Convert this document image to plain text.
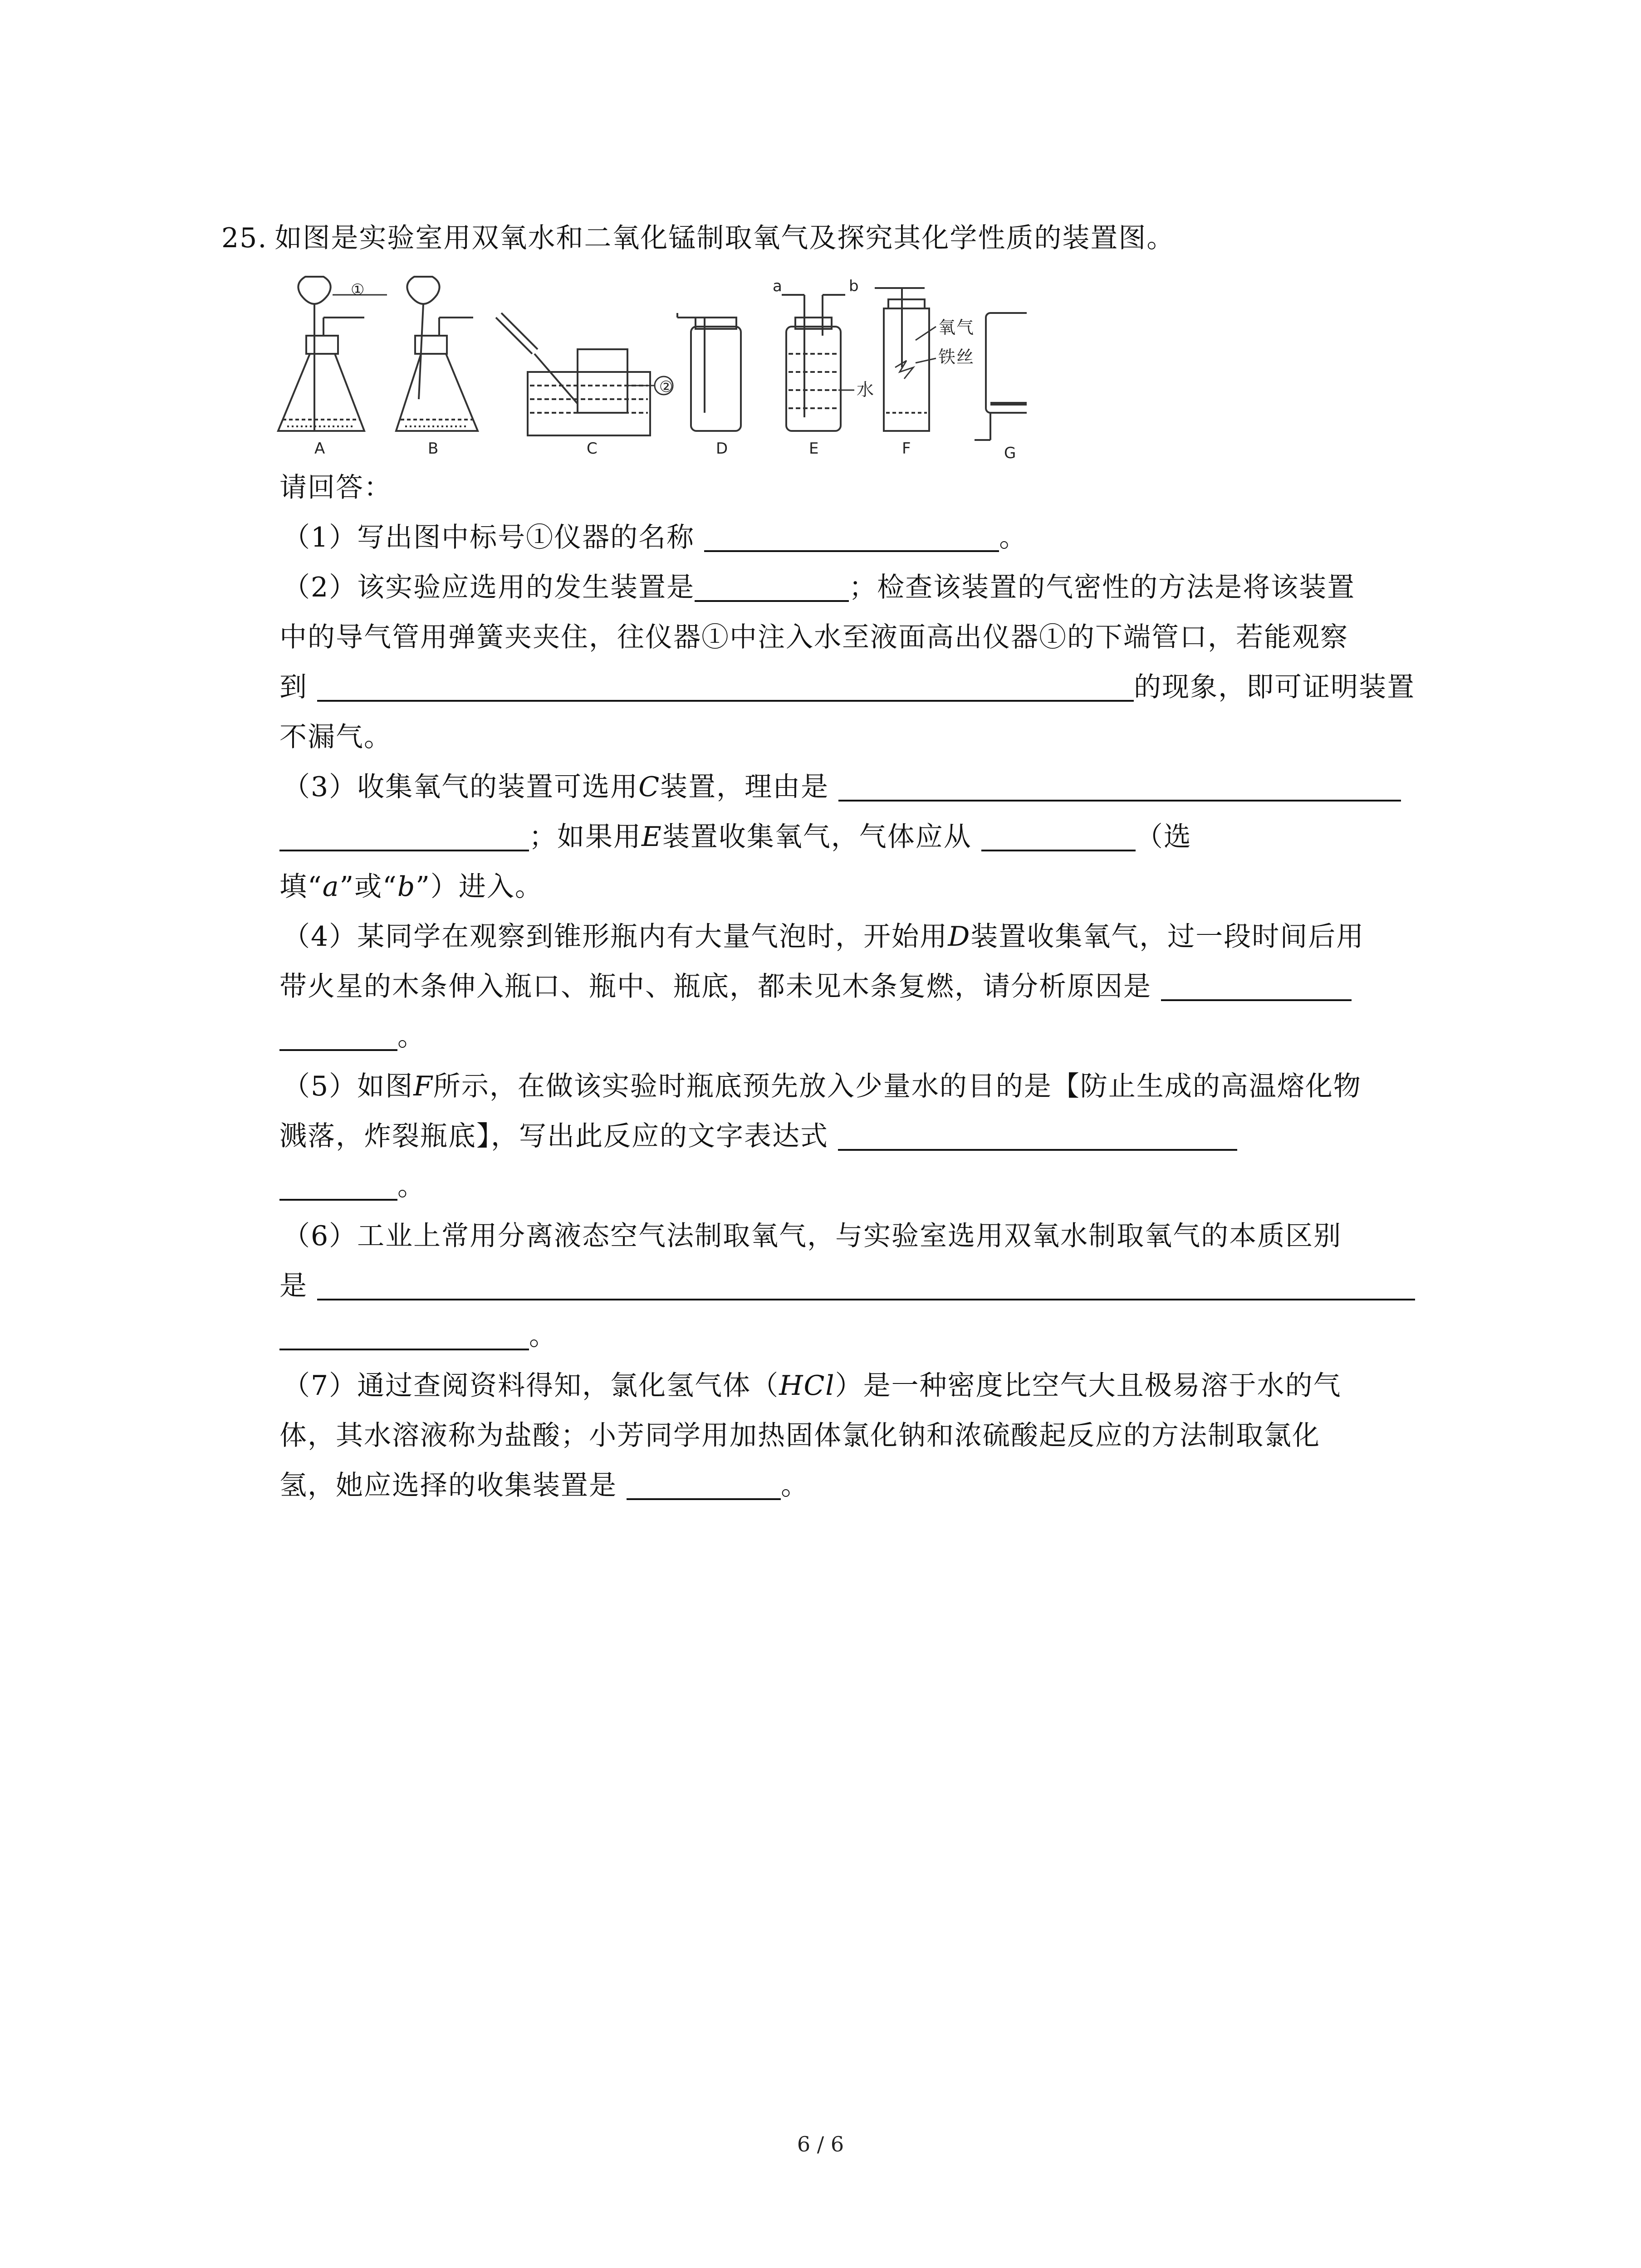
25. 如图是实验室用双氧水和二氧化锰制取氧气及探究其化学性质的装置图。
A	B	C	D	E	F	G
①
②
a	b
水
氧气
铁丝
请回答：
（1）写出图中标号①仪器的名称	。
（2）该实验应选用的发生装置是	；检查该装置的气密性的方法是将该装置
中的导气管用弹簧夹夹住，往仪器①中注入水至液面高出仪器①的下端管口，若能观察
到	的现象，即可证明装置
不漏气。
（3）收集氧气的装置可选用C装置，理由是
；如果用E装置收集氧气，气体应从	（选
填“a”或“b”）进入。
（4）某同学在观察到锥形瓶内有大量气泡时，开始用D装置收集氧气，过一段时间后用
带火星的木条伸入瓶口、瓶中、瓶底，都未见木条复燃，请分析原因是
。
（5）如图F所示，在做该实验时瓶底预先放入少量水的目的是【防止生成的高温熔化物
溅落，炸裂瓶底】，写出此反应的文字表达式
。
（6）工业上常用分离液态空气法制取氧气，与实验室选用双氧水制取氧气的本质区别
是
。
（7）通过查阅资料得知，氯化氢气体（HCl）是一种密度比空气大且极易溶于水的气
体，其水溶液称为盐酸；小芳同学用加热固体氯化钠和浓硫酸起反应的方法制取氯化
氢，她应选择的收集装置是	。
6 / 6
